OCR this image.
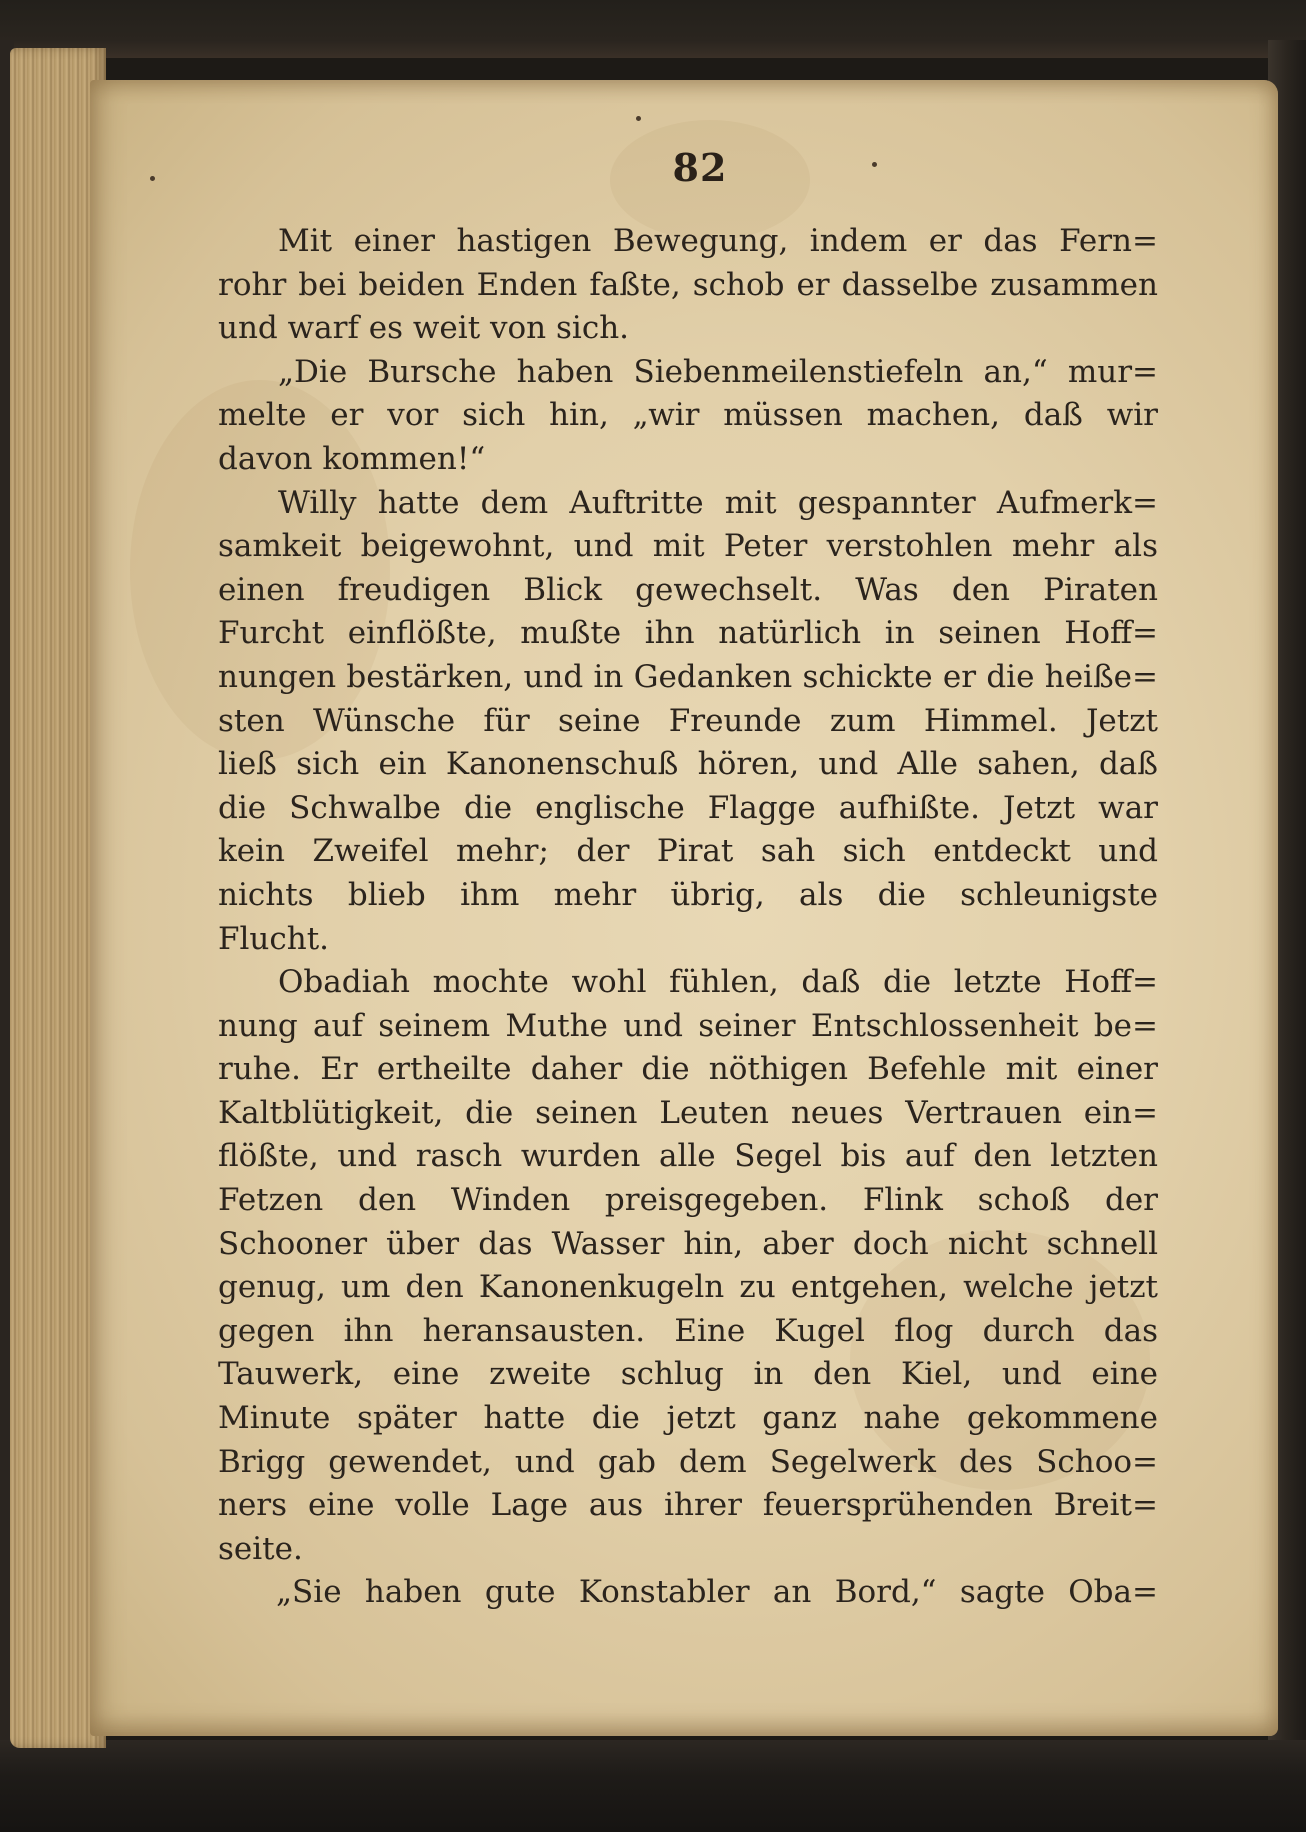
82
Mit einer hastigen Bewegung, indem er das Fern=
rohr bei beiden Enden faßte, schob er dasselbe zusammen
und warf es weit von sich.
„Die Bursche haben Siebenmeilenstiefeln an,“ mur=
melte er vor sich hin, „wir müssen machen, daß wir
davon kommen!“
Willy hatte dem Auftritte mit gespannter Aufmerk=
samkeit beigewohnt, und mit Peter verstohlen mehr als
einen freudigen Blick gewechselt. Was den Piraten
Furcht einflößte, mußte ihn natürlich in seinen Hoff=
nungen bestärken, und in Gedanken schickte er die heiße=
sten Wünsche für seine Freunde zum Himmel. Jetzt
ließ sich ein Kanonenschuß hören, und Alle sahen, daß
die Schwalbe die englische Flagge aufhißte. Jetzt war
kein Zweifel mehr; der Pirat sah sich entdeckt und
nichts blieb ihm mehr übrig, als die schleunigste
Flucht.
Obadiah mochte wohl fühlen, daß die letzte Hoff=
nung auf seinem Muthe und seiner Entschlossenheit be=
ruhe. Er ertheilte daher die nöthigen Befehle mit einer
Kaltblütigkeit, die seinen Leuten neues Vertrauen ein=
flößte, und rasch wurden alle Segel bis auf den letzten
Fetzen den Winden preisgegeben. Flink schoß der
Schooner über das Wasser hin, aber doch nicht schnell
genug, um den Kanonenkugeln zu entgehen, welche jetzt
gegen ihn heransausten. Eine Kugel flog durch das
Tauwerk, eine zweite schlug in den Kiel, und eine
Minute später hatte die jetzt ganz nahe gekommene
Brigg gewendet, und gab dem Segelwerk des Schoo=
ners eine volle Lage aus ihrer feuersprühenden Breit=
seite.
„Sie haben gute Konstabler an Bord,“ sagte Oba=
